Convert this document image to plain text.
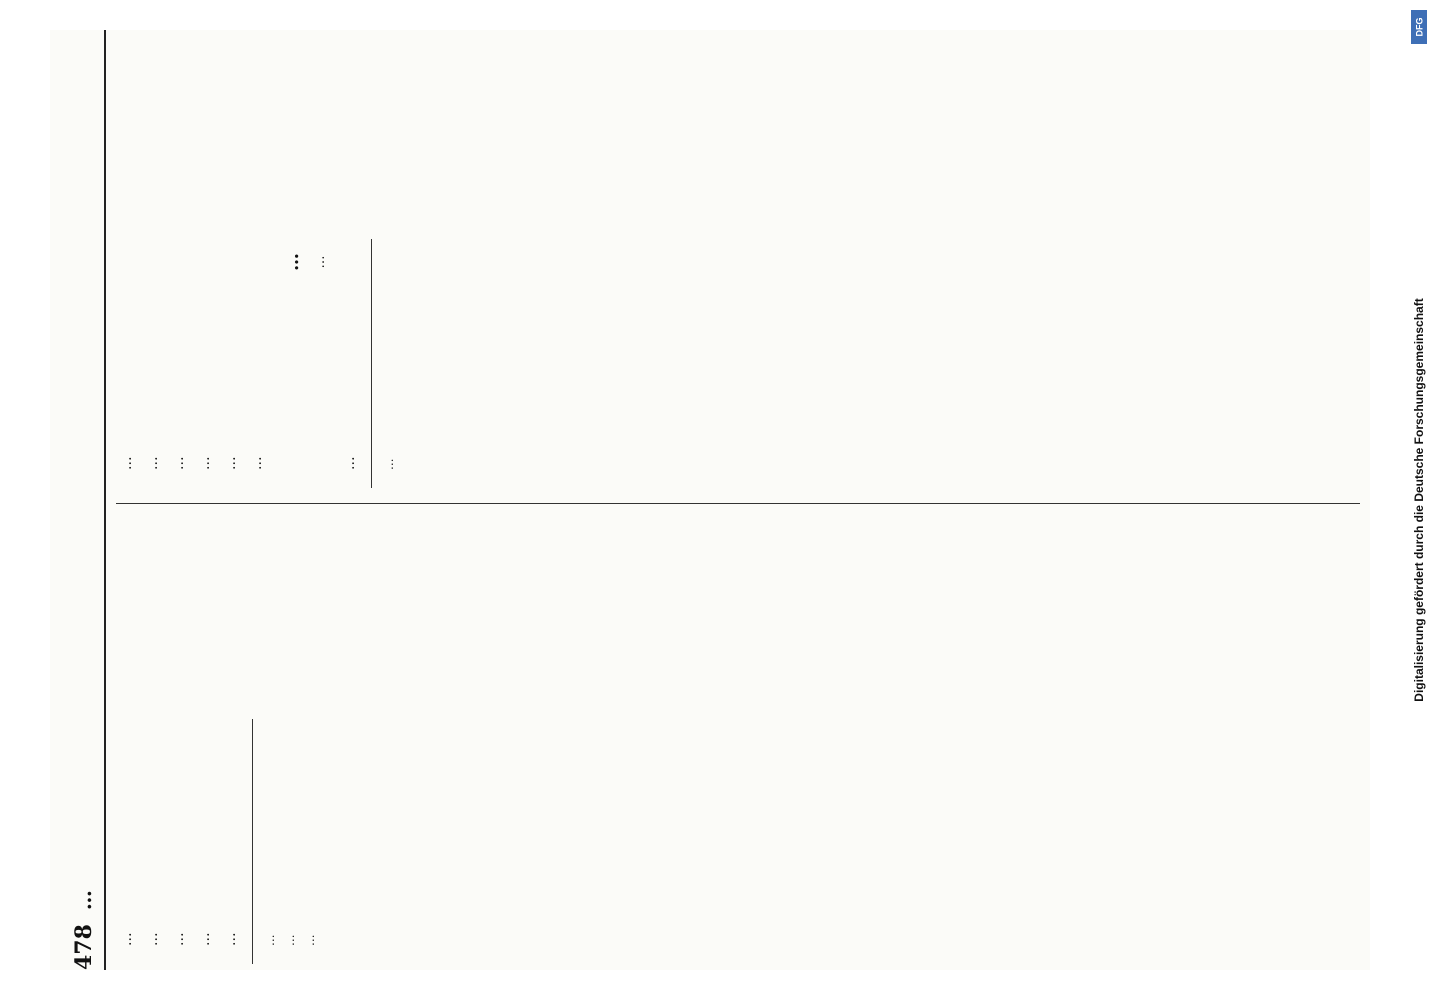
478
…

… … … … …	… … …

… … … … … …

… …

…	…

DFG
Digitalisierung gefördert durch die Deutsche Forschungsgemeinschaft
